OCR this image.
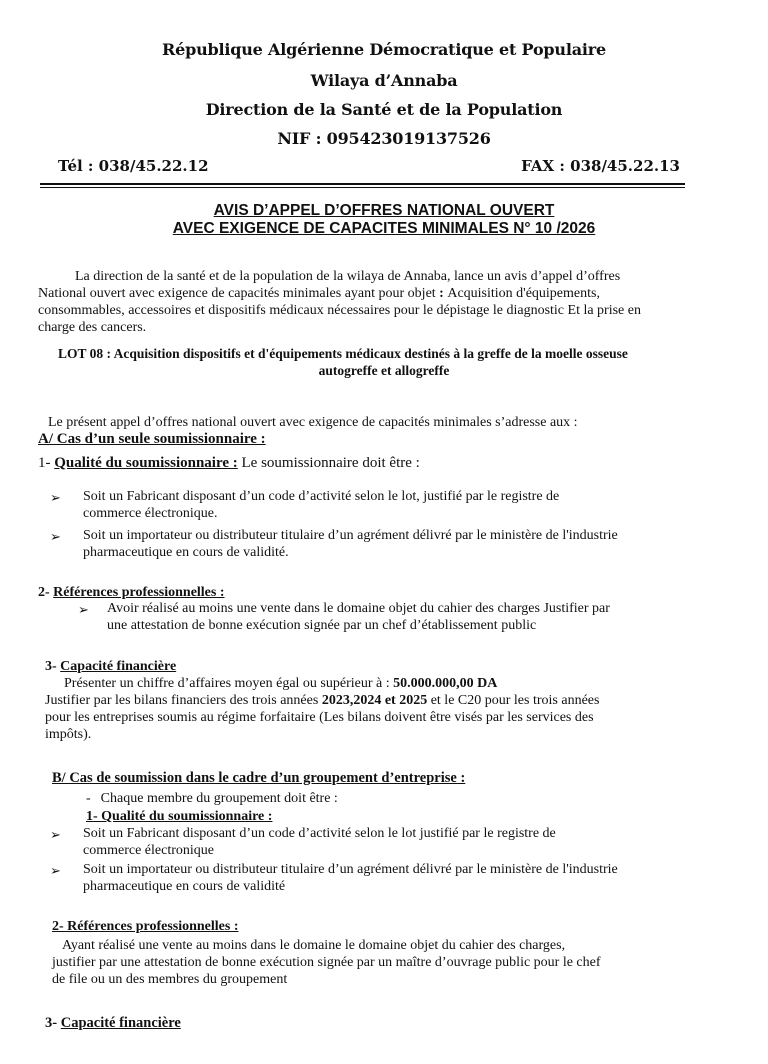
République Algérienne Démocratique et Populaire
Wilaya d’Annaba
Direction de la Santé et de la Population
NIF : 095423019137526
Tél : 038/45.22.12	FAX : 038/45.22.13
AVIS D’APPEL D’OFFRES NATIONAL OUVERT
AVEC EXIGENCE DE CAPACITES MINIMALES N° 10 /2026
La direction de la santé et de la population de la wilaya de Annaba, lance un avis d’appel d’offres
National ouvert avec exigence de capacités minimales ayant pour objet : Acquisition d'équipements,
consommables, accessoires et dispositifs médicaux nécessaires pour le dépistage le diagnostic Et la prise en
charge des cancers.
LOT 08 : Acquisition dispositifs et d'équipements médicaux destinés à la greffe de la moelle osseuse
autogreffe et allogreffe
Le présent appel d’offres national ouvert avec exigence de capacités minimales s’adresse aux :
A/ Cas d’un seule soumissionnaire :
1- Qualité du soumissionnaire : Le soumissionnaire doit être :
➢ Soit un Fabricant disposant d’un code d’activité selon le lot, justifié par le registre de
commerce électronique.
➢ Soit un importateur ou distributeur titulaire d’un agrément délivré par le ministère de l'industrie
pharmaceutique en cours de validité.
2- Références professionnelles :
➢ Avoir réalisé au moins une vente dans le domaine objet du cahier des charges Justifier par
une attestation de bonne exécution signée par un chef d’établissement public
3- Capacité financière
Présenter un chiffre d’affaires moyen égal ou supérieur à : 50.000.000,00 DA
Justifier par les bilans financiers des trois années 2023,2024 et 2025 et le C20 pour les trois années
pour les entreprises soumis au régime forfaitaire (Les bilans doivent être visés par les services des
impôts).
B/ Cas de soumission dans le cadre d’un groupement d’entreprise :
- Chaque membre du groupement doit être :
1- Qualité du soumissionnaire :
➢ Soit un Fabricant disposant d’un code d’activité selon le lot justifié par le registre de
commerce électronique
➢ Soit un importateur ou distributeur titulaire d’un agrément délivré par le ministère de l'industrie
pharmaceutique en cours de validité
2- Références professionnelles :
Ayant réalisé une vente au moins dans le domaine le domaine objet du cahier des charges,
justifier par une attestation de bonne exécution signée par un maître d’ouvrage public pour le chef
de file ou un des membres du groupement
3- Capacité financière
